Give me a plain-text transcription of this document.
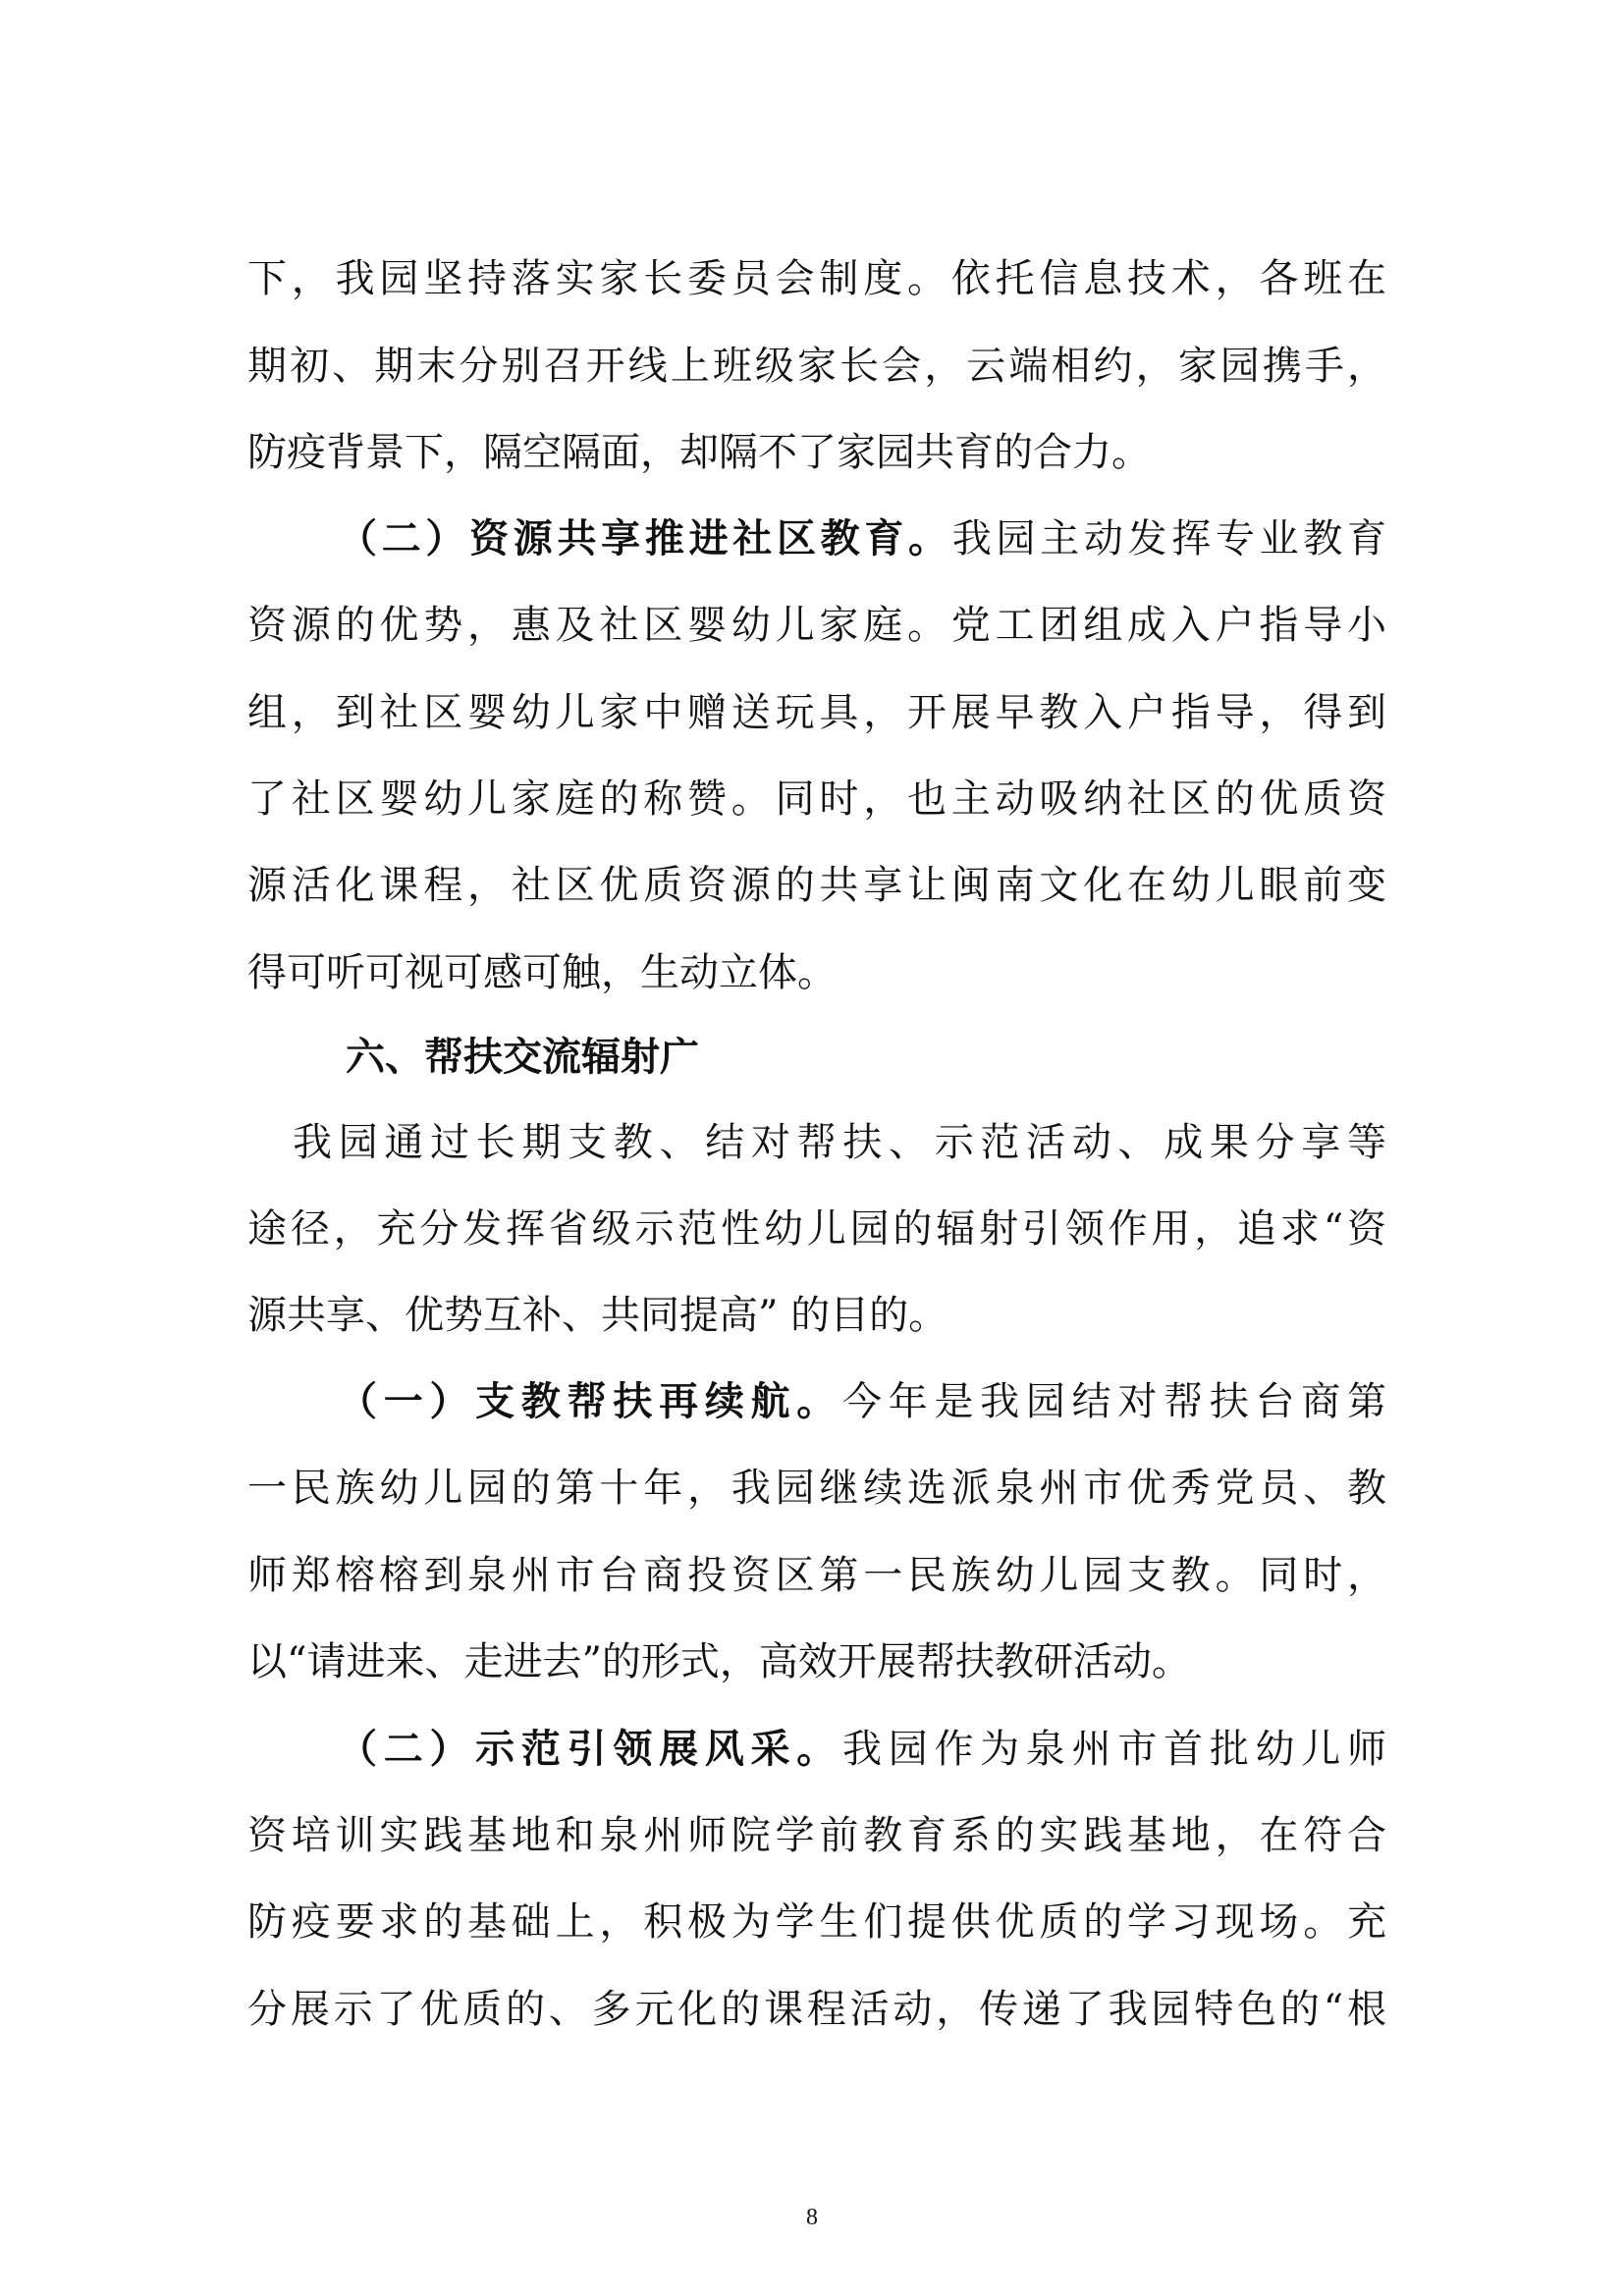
下，我园坚持落实家长委员会制度。依托信息技术，各班在
期初、期末分别召开线上班级家长会，云端相约，家园携手，
防疫背景下，隔空隔面，却隔不了家园共育的合力。
（二）资源共享推进社区教育。我园主动发挥专业教育
资源的优势，惠及社区婴幼儿家庭。党工团组成入户指导小
组，到社区婴幼儿家中赠送玩具，开展早教入户指导，得到
了社区婴幼儿家庭的称赞。同时，也主动吸纳社区的优质资
源活化课程，社区优质资源的共享让闽南文化在幼儿眼前变
得可听可视可感可触，生动立体。
六、帮扶交流辐射广
我园通过长期支教、结对帮扶、示范活动、成果分享等
途径，充分发挥省级示范性幼儿园的辐射引领作用，追求“资
源共享、优势互补、共同提高” 的目的。
（一）支教帮扶再续航。今年是我园结对帮扶台商第
一民族幼儿园的第十年，我园继续选派泉州市优秀党员、教
师郑榕榕到泉州市台商投资区第一民族幼儿园支教。同时，
以“请进来、走进去”的形式，高效开展帮扶教研活动。
（二）示范引领展风采。我园作为泉州市首批幼儿师
资培训实践基地和泉州师院学前教育系的实践基地，在符合
防疫要求的基础上，积极为学生们提供优质的学习现场。充
分展示了优质的、多元化的课程活动，传递了我园特色的“根
8
